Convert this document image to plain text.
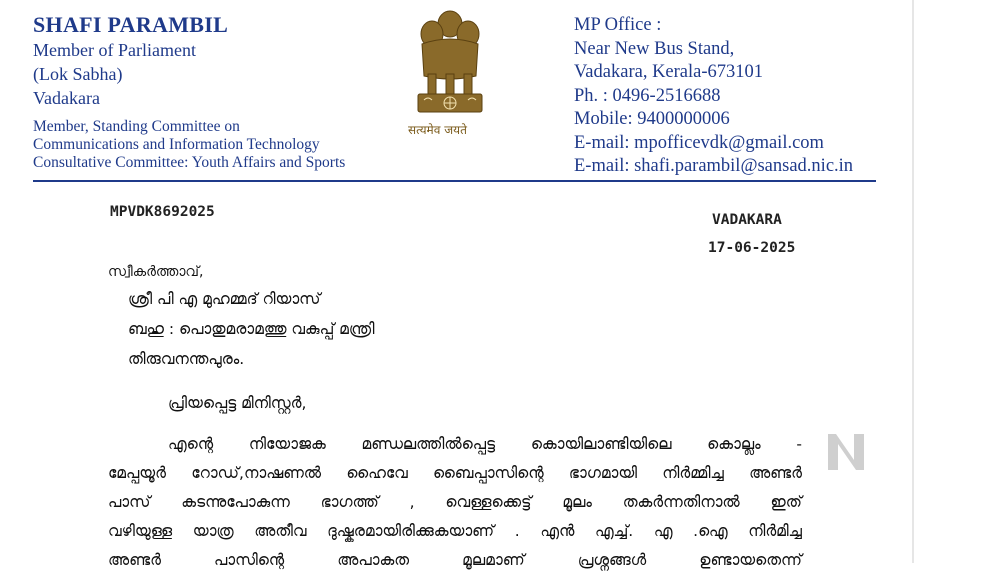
SHAFI PARAMBIL
Member of Parliament
(Lok Sabha)
Vadakara
Member, Standing Committee on
Communications and Information Technology
Consultative Committee: Youth Affairs and Sports
सत्यमेव जयते
MP Office :
Near New Bus Stand,
Vadakara, Kerala-673101
Ph. : 0496-2516688
Mobile: 9400000006
E-mail: mpofficevdk@gmail.com
E-mail: shafi.parambil@sansad.nic.in
MPVDK8692025	VADAKARA
17-06-2025
സ്വീകർത്താവ്,
ശ്രീ പി എ മുഹമ്മദ് റിയാസ്
ബഹു : പൊതുമരാമത്തു വകുപ്പ് മന്ത്രി
തിരുവനന്തപുരം.
പ്രിയപ്പെട്ട മിനിസ്റ്റർ,
എന്റെ നിയോജക മണ്ഡലത്തിൽപ്പെട്ട കൊയിലാണ്ടിയിലെ കൊല്ലം -
മേപ്പയൂർ റോഡ്,നാഷണൽ ഹൈവേ ബൈപ്പാസിന്റെ ഭാഗമായി നിർമ്മിച്ച അണ്ടർ
പാസ് കടന്നുപോകുന്ന ഭാഗത്ത് , വെള്ളക്കെട്ട് മൂലം തകർന്നതിനാൽ ഇത്
വഴിയുള്ള യാത്ര അതീവ ദുഷ്കരമായിരിക്കുകയാണ് . എൻ എച്ച്. എ .ഐ നിർമിച്ച
അണ്ടർ	പാസിന്റെ	അപാകത	മൂലമാണ്	പ്രശ്നങ്ങൾ	ഉണ്ടായതെന്ന്
